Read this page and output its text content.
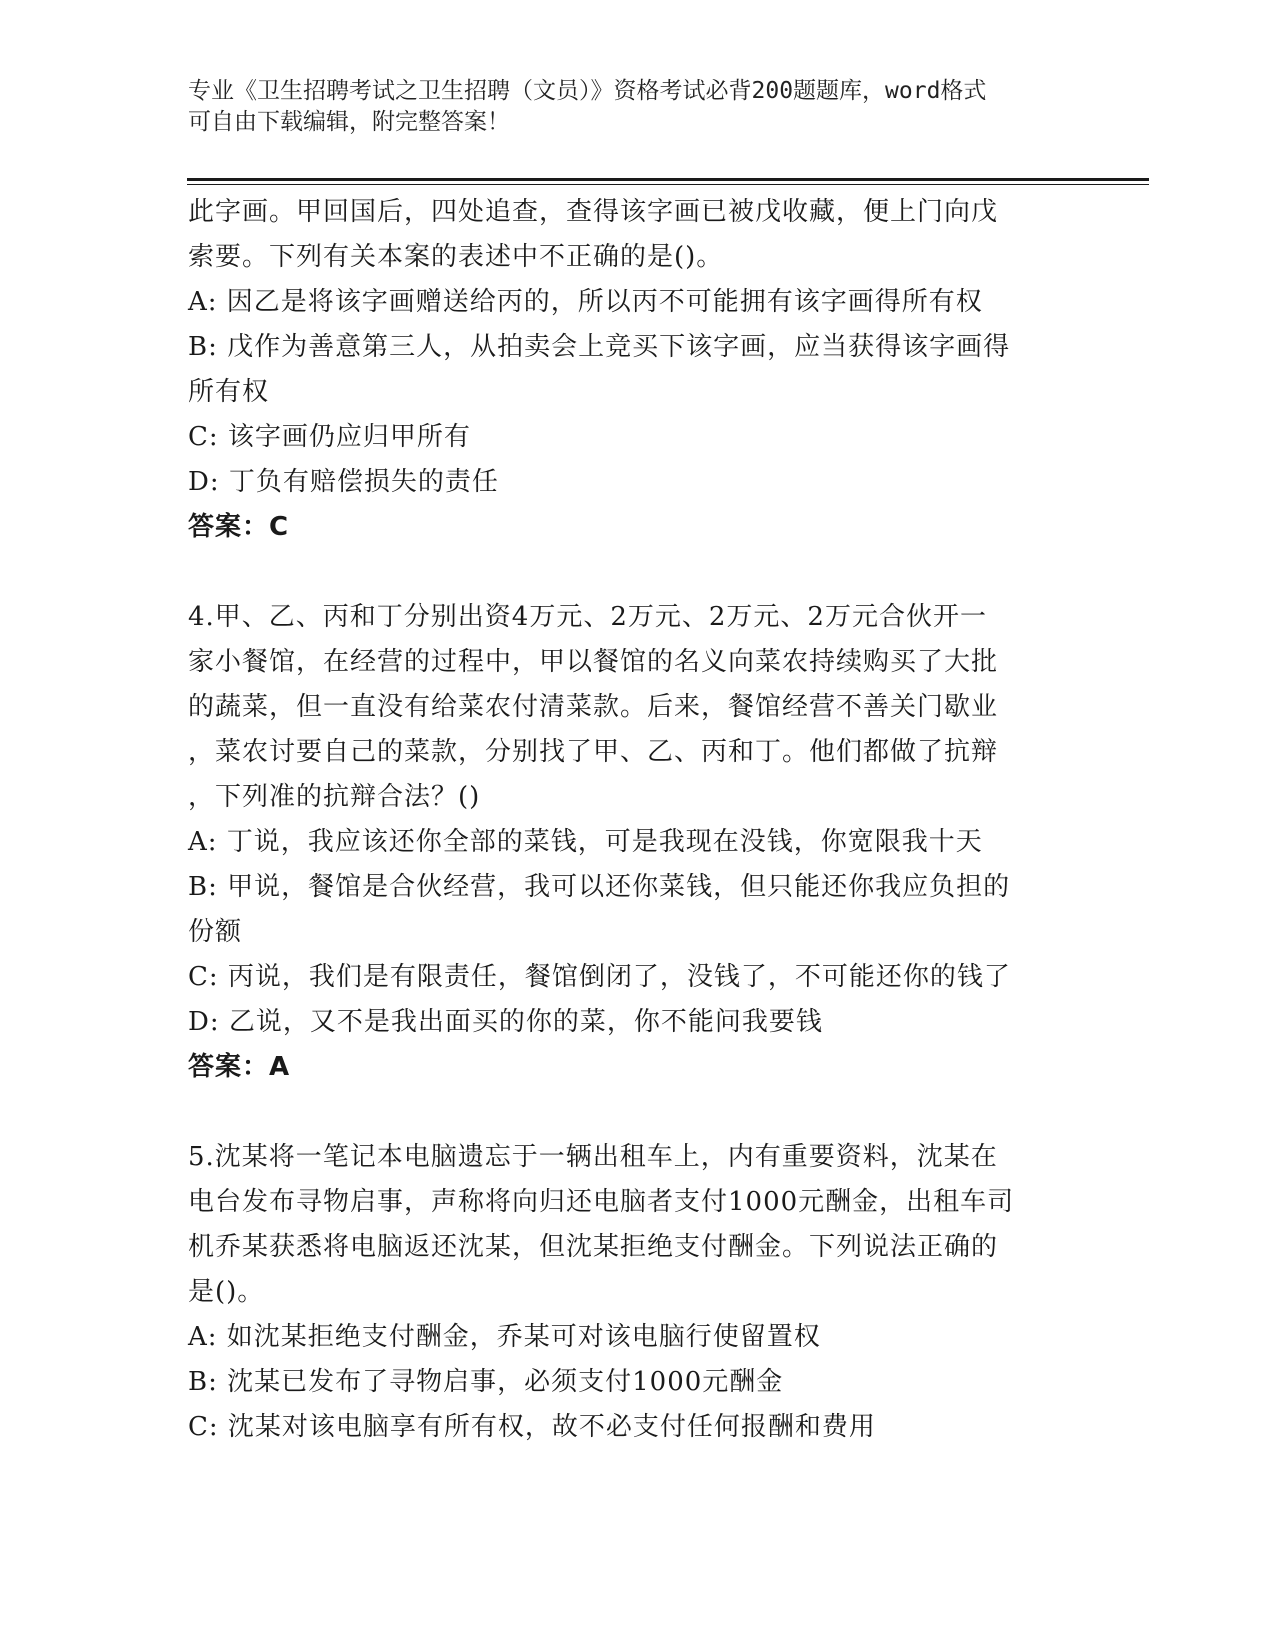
专业《卫生招聘考试之卫生招聘（文员）》资格考试必背200题题库，word格式
可自由下载编辑，附完整答案！
此字画。甲回国后，四处追查，查得该字画已被戊收藏，便上门向戊
索要。下列有关本案的表述中不正确的是()。
A: 因乙是将该字画赠送给丙的，所以丙不可能拥有该字画得所有权
B: 戊作为善意第三人，从拍卖会上竞买下该字画，应当获得该字画得
所有权
C: 该字画仍应归甲所有
D: 丁负有赔偿损失的责任
答案：C
4.甲、乙、丙和丁分别出资4万元、2万元、2万元、2万元合伙开一
家小餐馆，在经营的过程中，甲以餐馆的名义向菜农持续购买了大批
的蔬菜，但一直没有给菜农付清菜款。后来，餐馆经营不善关门歇业
，菜农讨要自己的菜款，分别找了甲、乙、丙和丁。他们都做了抗辩
，下列准的抗辩合法？()
A: 丁说，我应该还你全部的菜钱，可是我现在没钱，你宽限我十天
B: 甲说，餐馆是合伙经营，我可以还你菜钱，但只能还你我应负担的
份额
C: 丙说，我们是有限责任，餐馆倒闭了，没钱了，不可能还你的钱了
D: 乙说，又不是我出面买的你的菜，你不能问我要钱
答案：A
5.沈某将一笔记本电脑遗忘于一辆出租车上，内有重要资料，沈某在
电台发布寻物启事，声称将向归还电脑者支付1000元酬金，出租车司
机乔某获悉将电脑返还沈某，但沈某拒绝支付酬金。下列说法正确的
是()。
A: 如沈某拒绝支付酬金，乔某可对该电脑行使留置权
B: 沈某已发布了寻物启事，必须支付1000元酬金
C: 沈某对该电脑享有所有权，故不必支付任何报酬和费用
